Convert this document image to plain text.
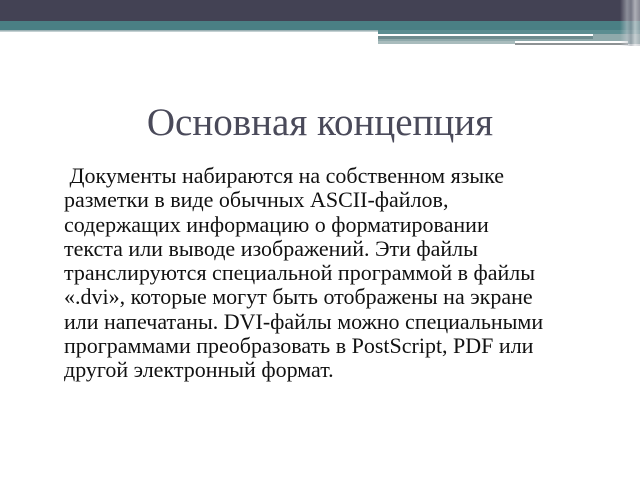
Основная концепция
Документы набираются на собственном языке
разметки в виде обычных ASCII-файлов,
содержащих информацию о форматировании
текста или выводе изображений. Эти файлы
транслируются специальной программой в файлы
«.dvi», которые могут быть отображены на экране
или напечатаны. DVI-файлы можно специальными
программами преобразовать в PostScript, PDF или
другой электронный формат.
